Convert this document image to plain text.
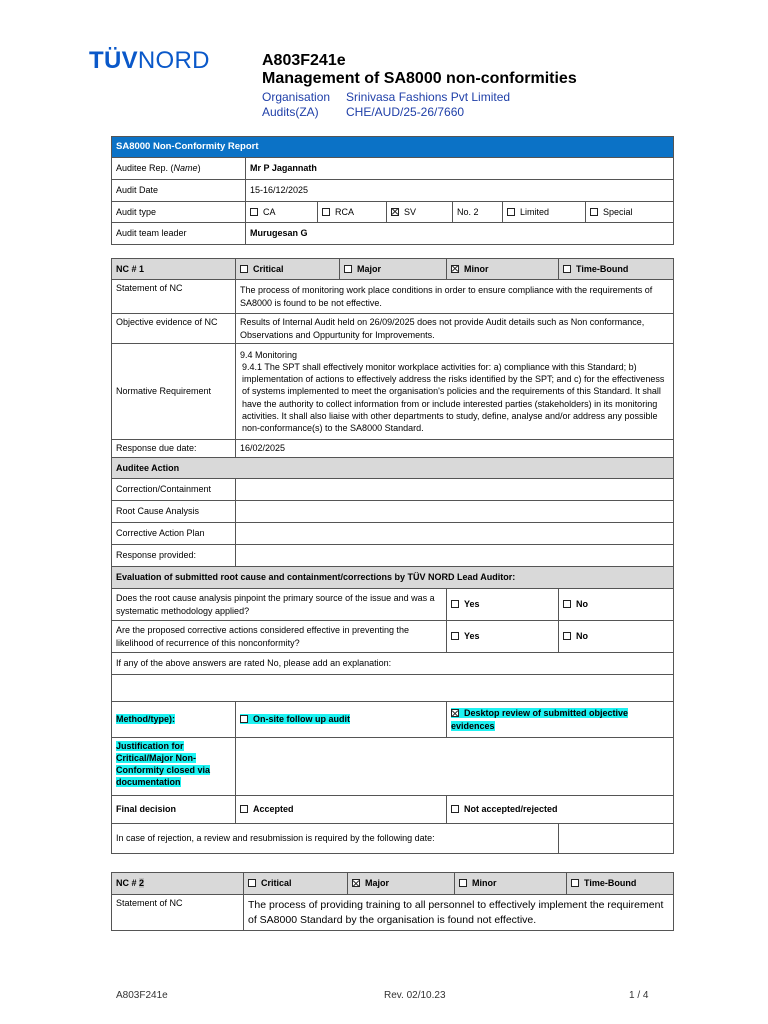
TÜVNORD	A803F241e
Management of SA8000 non-conformities
Organisation Srinivasa Fashions Pvt Limited
Audits(ZA) CHE/AUD/25-26/7660
SA8000 Non-Conformity Report						
Auditee Rep. (Name)	Mr P Jagannath					
Audit Date	15-16/12/2025					
Audit type	CA	RCA	SV	No. 2	Limited	Special
Audit team leader	Murugesan G					
NC # 1	Critical	Major	Minor	Time-Bound
Statement of NC	The process of monitoring work place conditions in order to ensure compliance with the requirements of SA8000 is found to be not effective.			
Objective evidence of NC	Results of Internal Audit held on 26/09/2025 does not provide Audit details such as Non conformance, Observations and Oppurtunity for Improvements.			
Normative Requirement	9.4 Monitoring
9.4.1 The SPT shall effectively monitor workplace activities for: a) compliance with this Standard; b) implementation of actions to effectively address the risks identified by the SPT; and c) for the effectiveness of systems implemented to meet the organisation's policies and the requirements of this Standard. It shall have the authority to collect information from or include interested parties (stakeholders) in its monitoring activities. It shall also liaise with other departments to study, define, analyse and/or address any possible non-conformance(s) to the SA8000 Standard.			

Response due date:	16/02/2025			
Auditee Action				
Correction/Containment				
Root Cause Analysis				
Corrective Action Plan				
Response provided:				
Evaluation of submitted root cause and containment/corrections by TÜV NORD Lead Auditor:				
Does the root cause analysis pinpoint the primary source of the issue and was a systematic methodology applied?			Yes	No
Are the proposed corrective actions considered effective in preventing the likelihood of recurrence of this nonconformity?			Yes	No
If any of the above answers are rated No, please add an explanation:				

Method/type):	On-site follow up audit		Desktop review of submitted objective evidences	
Justification for Critical/Major Non-Conformity closed via documentation				
Final decision	Accepted		Not accepted/rejected	
In case of rejection, a review and resubmission is required by the following date:				
NC # 2	Critical	Major	Minor	Time-Bound
Statement of NC	The process of providing training to all personnel to effectively implement the requirement of SA8000 Standard by the organisation is found not effective.			
A803F241e	Rev. 02/10.23	1 / 4
